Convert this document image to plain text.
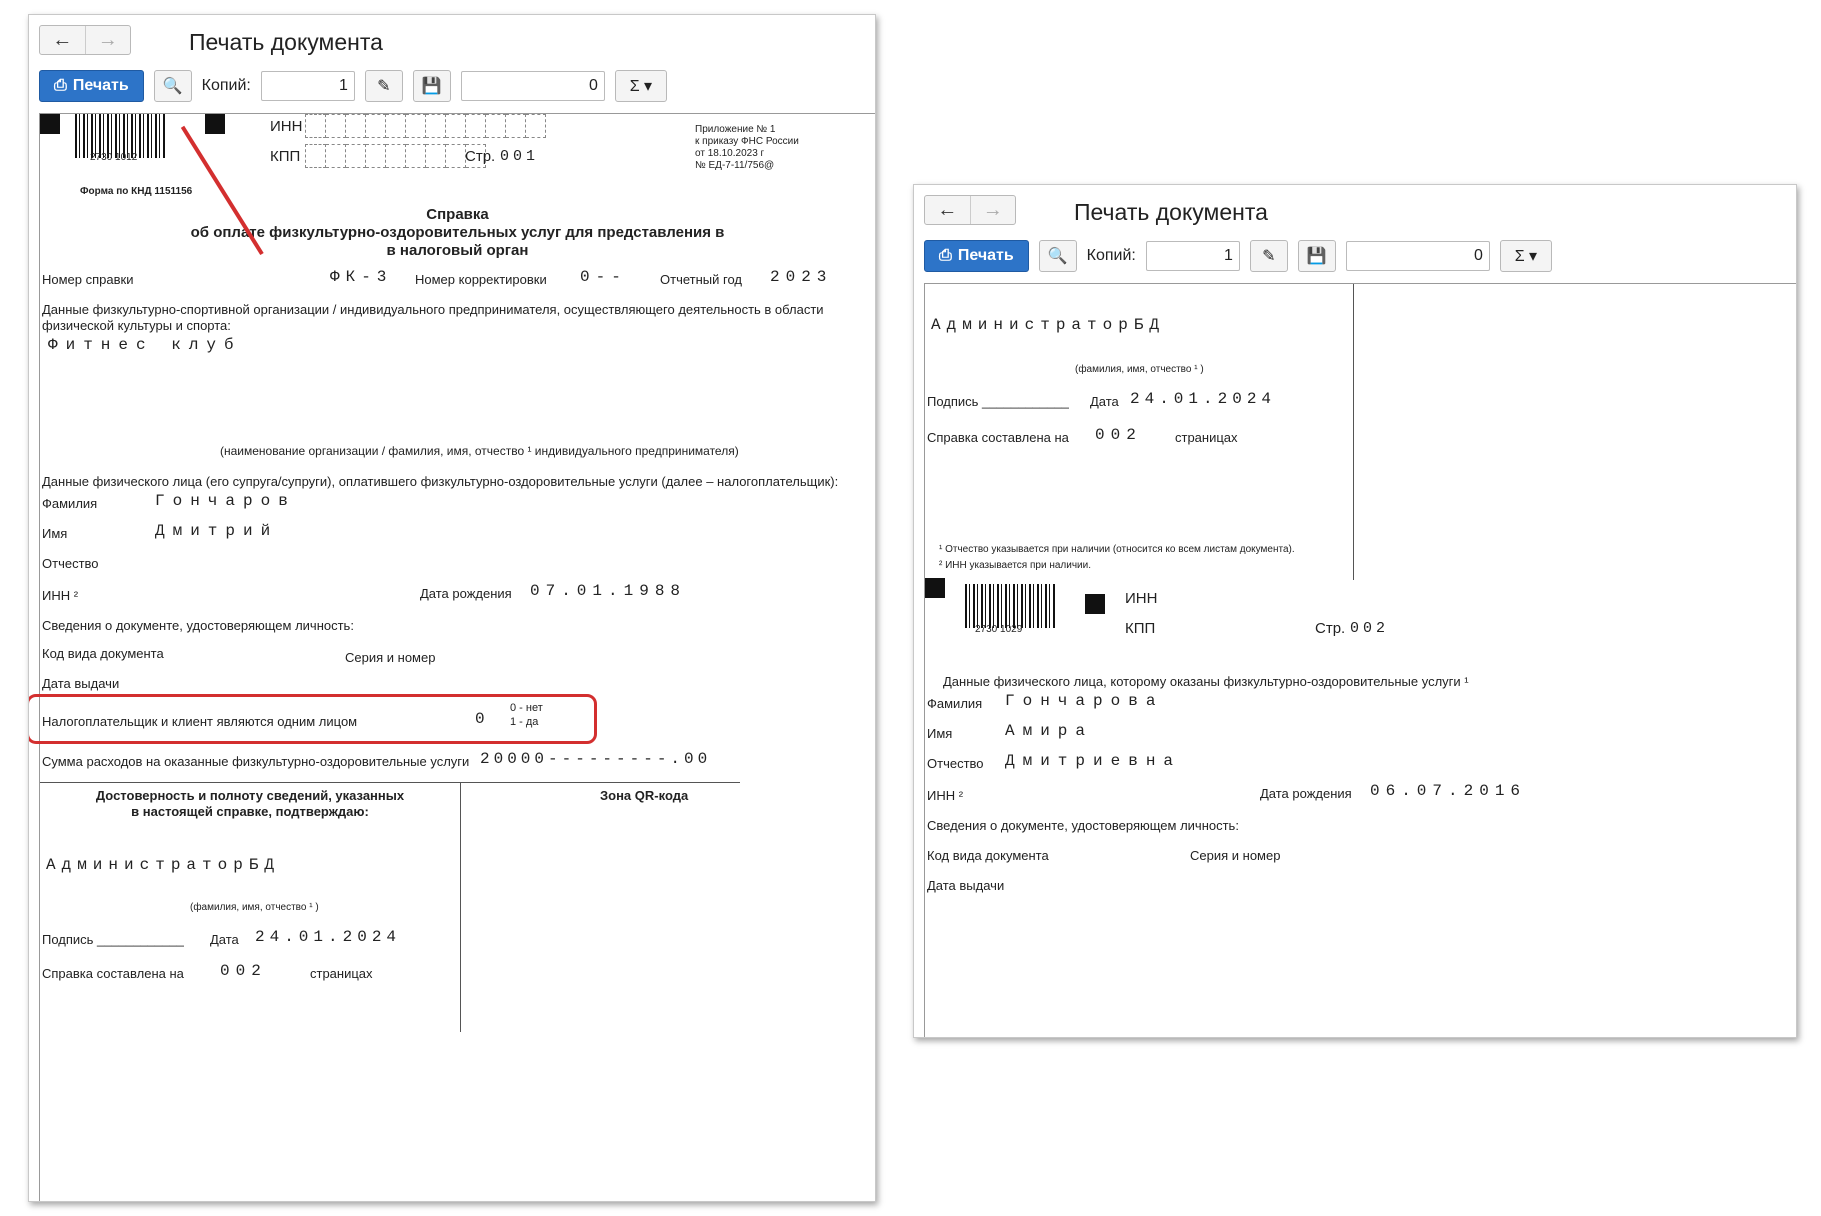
←	→	Печать документа
⎙ Печать 🔍 Копий:	1	✎ 💾	0	Σ ▾
2730 1012
ИНН
КПП	Стр. 001
Приложение № 1
к приказу ФНС России
от 18.10.2023 г
№ ЕД-7-11/756@
Форма по КНД 1151156
Справка
об оплате физкультурно-оздоровительных услуг для представления в
в налоговый орган
Номер справки	ФК-3 Номер корректировки 0--	Отчетный год 2023
Данные физкультурно-спортивной организации / индивидуального предпринимателя, осуществляющего деятельность в области
физической культуры и спорта:
Фитнес клуб
(наименование организации / фамилия, имя, отчество ¹ индивидуального предпринимателя)
Данные физического лица (его супруга/супруги), оплатившего физкультурно-оздоровительные услуги (далее – налогоплательщик):
Фамилия	Гончаров
Имя	Дмитрий
Отчество
ИНН ²	Дата рождения 07.01.1988
Сведения о документе, удостоверяющем личность:
Код вида документа	Серия и номер
Дата выдачи
Налогоплательщик и клиент являются одним лицом	0
0 - нет
1 - да
Сумма расходов на оказанные физкультурно-оздоровительные услуги 20000---------.00
Достоверность и полноту сведений, указанных
в настоящей справке, подтверждаю:
Зона QR-кода
АдминистраторБД
(фамилия, имя, отчество ¹ )
Подпись ____________ Дата 24.01.2024
Справка составлена на 002	страницах
←	→	Печать документа
⎙ Печать 🔍 Копий:	1	✎ 💾	0	Σ ▾
АдминистраторБД
(фамилия, имя, отчество ¹ )
Подпись ____________ Дата 24.01.2024
Справка составлена на 002	страницах
¹ Отчество указывается при наличии (относится ко всем листам документа).
² ИНН указывается при наличии.
2730 1029
ИНН
КПП	Стр. 002
Данные физического лица, которому оказаны физкультурно-оздоровительные услуги ¹
Фамилия Гончарова
Имя	Амира
Отчество Дмитриевна
ИНН ²	Дата рождения 06.07.2016
Сведения о документе, удостоверяющем личность:
Код вида документа	Серия и номер
Дата выдачи
